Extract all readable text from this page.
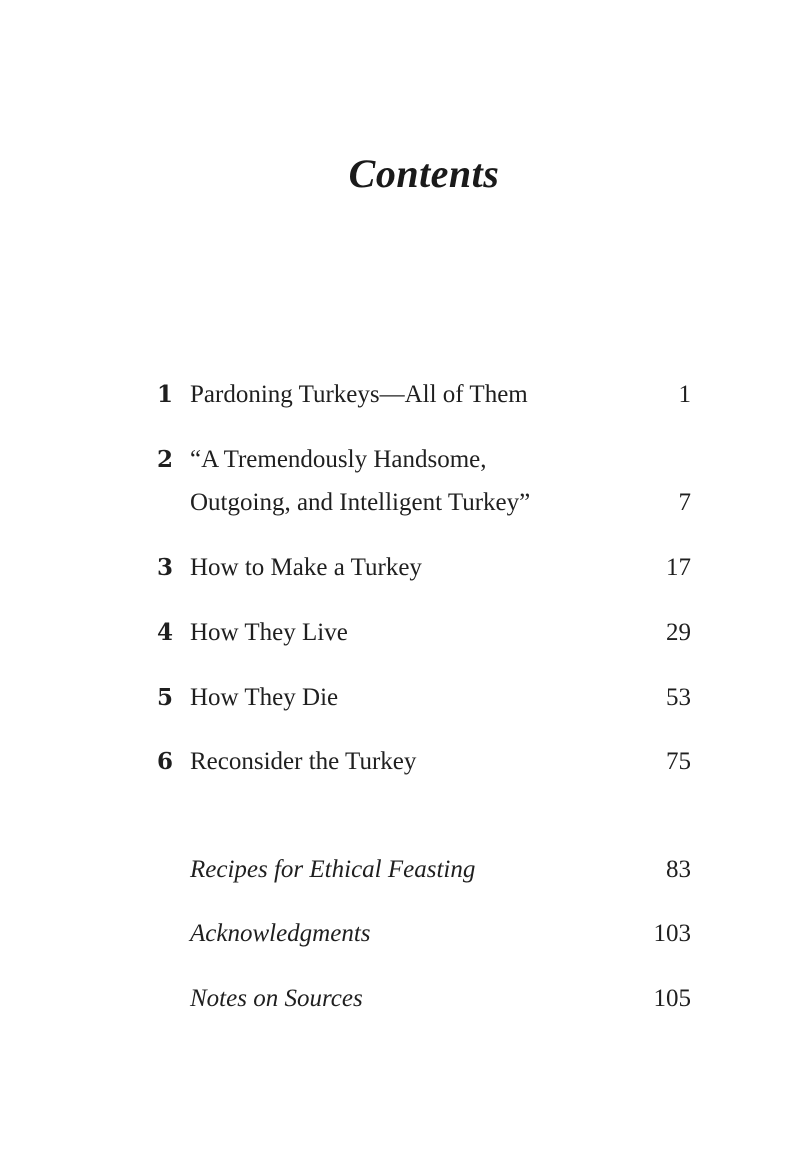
Contents
1 Pardoning Turkeys—All of Them	1
2 “A Tremendously Handsome,
Outgoing, and Intelligent Turkey”	7
3 How to Make a Turkey	17
4 How They Live	29
5 How They Die	53
6 Reconsider the Turkey	75
Recipes for Ethical Feasting	83
Acknowledgments	103
Notes on Sources	105
